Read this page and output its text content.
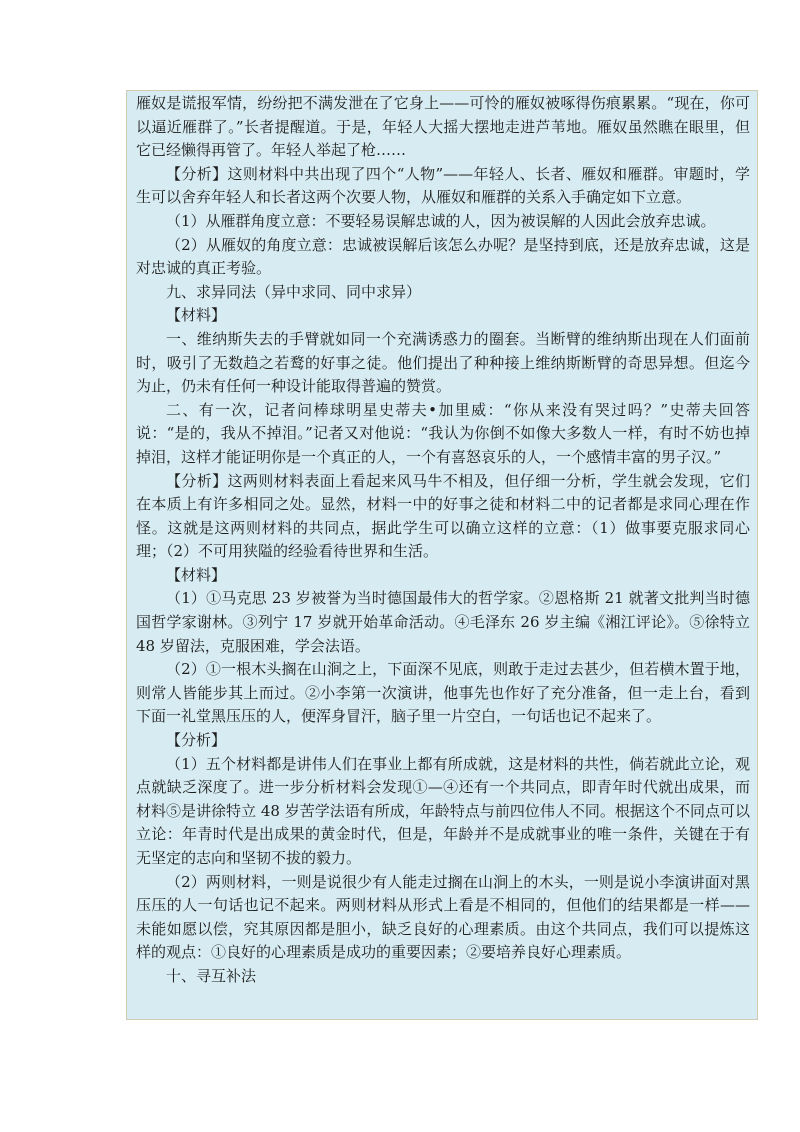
雁奴是谎报军情，纷纷把不满发泄在了它身上——可怜的雁奴被啄得伤痕累累。“现在，你可以逼近雁群了。”长者提醒道。于是，年轻人大摇大摆地走进芦苇地。雁奴虽然瞧在眼里，但它已经懒得再管了。年轻人举起了枪……

【分析】这则材料中共出现了四个“人物”——年轻人、长者、雁奴和雁群。审题时，学生可以舍弃年轻人和长者这两个次要人物，从雁奴和雁群的关系入手确定如下立意。

（1）从雁群角度立意：不要轻易误解忠诚的人，因为被误解的人因此会放弃忠诚。

（2）从雁奴的角度立意：忠诚被误解后该怎么办呢？是坚持到底，还是放弃忠诚，这是对忠诚的真正考验。

九、求异同法（异中求同、同中求异）

【材料】

一、维纳斯失去的手臂就如同一个充满诱惑力的圈套。当断臂的维纳斯出现在人们面前时，吸引了无数趋之若鹜的好事之徒。他们提出了种种接上维纳斯断臂的奇思异想。但迄今为止，仍未有任何一种设计能取得普遍的赞赏。

二、有一次，记者问棒球明星史蒂夫•加里威：“你从来没有哭过吗？”史蒂夫回答说：“是的，我从不掉泪。”记者又对他说：“我认为你倒不如像大多数人一样，有时不妨也掉掉泪，这样才能证明你是一个真正的人，一个有喜怒哀乐的人，一个感情丰富的男子汉。”

【分析】这两则材料表面上看起来风马牛不相及，但仔细一分析，学生就会发现，它们在本质上有许多相同之处。显然，材料一中的好事之徒和材料二中的记者都是求同心理在作怪。这就是这两则材料的共同点，据此学生可以确立这样的立意：（1）做事要克服求同心理；（2）不可用狭隘的经验看待世界和生活。

【材料】

（1）①马克思 23 岁被誉为当时德国最伟大的哲学家。②恩格斯 21 就著文批判当时德国哲学家谢林。③列宁 17 岁就开始革命活动。④毛泽东 26 岁主编《湘江评论》。⑤徐特立 48 岁留法，克服困难，学会法语。

（2）①一根木头搁在山涧之上，下面深不见底，则敢于走过去甚少，但若横木置于地，则常人皆能步其上而过。②小李第一次演讲，他事先也作好了充分准备，但一走上台，看到下面一礼堂黑压压的人，便浑身冒汗，脑子里一片空白，一句话也记不起来了。

【分析】

（1）五个材料都是讲伟人们在事业上都有所成就，这是材料的共性，倘若就此立论，观点就缺乏深度了。进一步分析材料会发现①—④还有一个共同点，即青年时代就出成果，而材料⑤是讲徐特立 48 岁苦学法语有所成，年龄特点与前四位伟人不同。根据这个不同点可以立论：年青时代是出成果的黄金时代，但是，年龄并不是成就事业的唯一条件，关键在于有无坚定的志向和坚韧不拔的毅力。

（2）两则材料，一则是说很少有人能走过搁在山涧上的木头，一则是说小李演讲面对黑压压的人一句话也记不起来。两则材料从形式上看是不相同的，但他们的结果都是一样——未能如愿以偿，究其原因都是胆小，缺乏良好的心理素质。由这个共同点，我们可以提炼这样的观点：①良好的心理素质是成功的重要因素；②要培养良好心理素质。

十、寻互补法
